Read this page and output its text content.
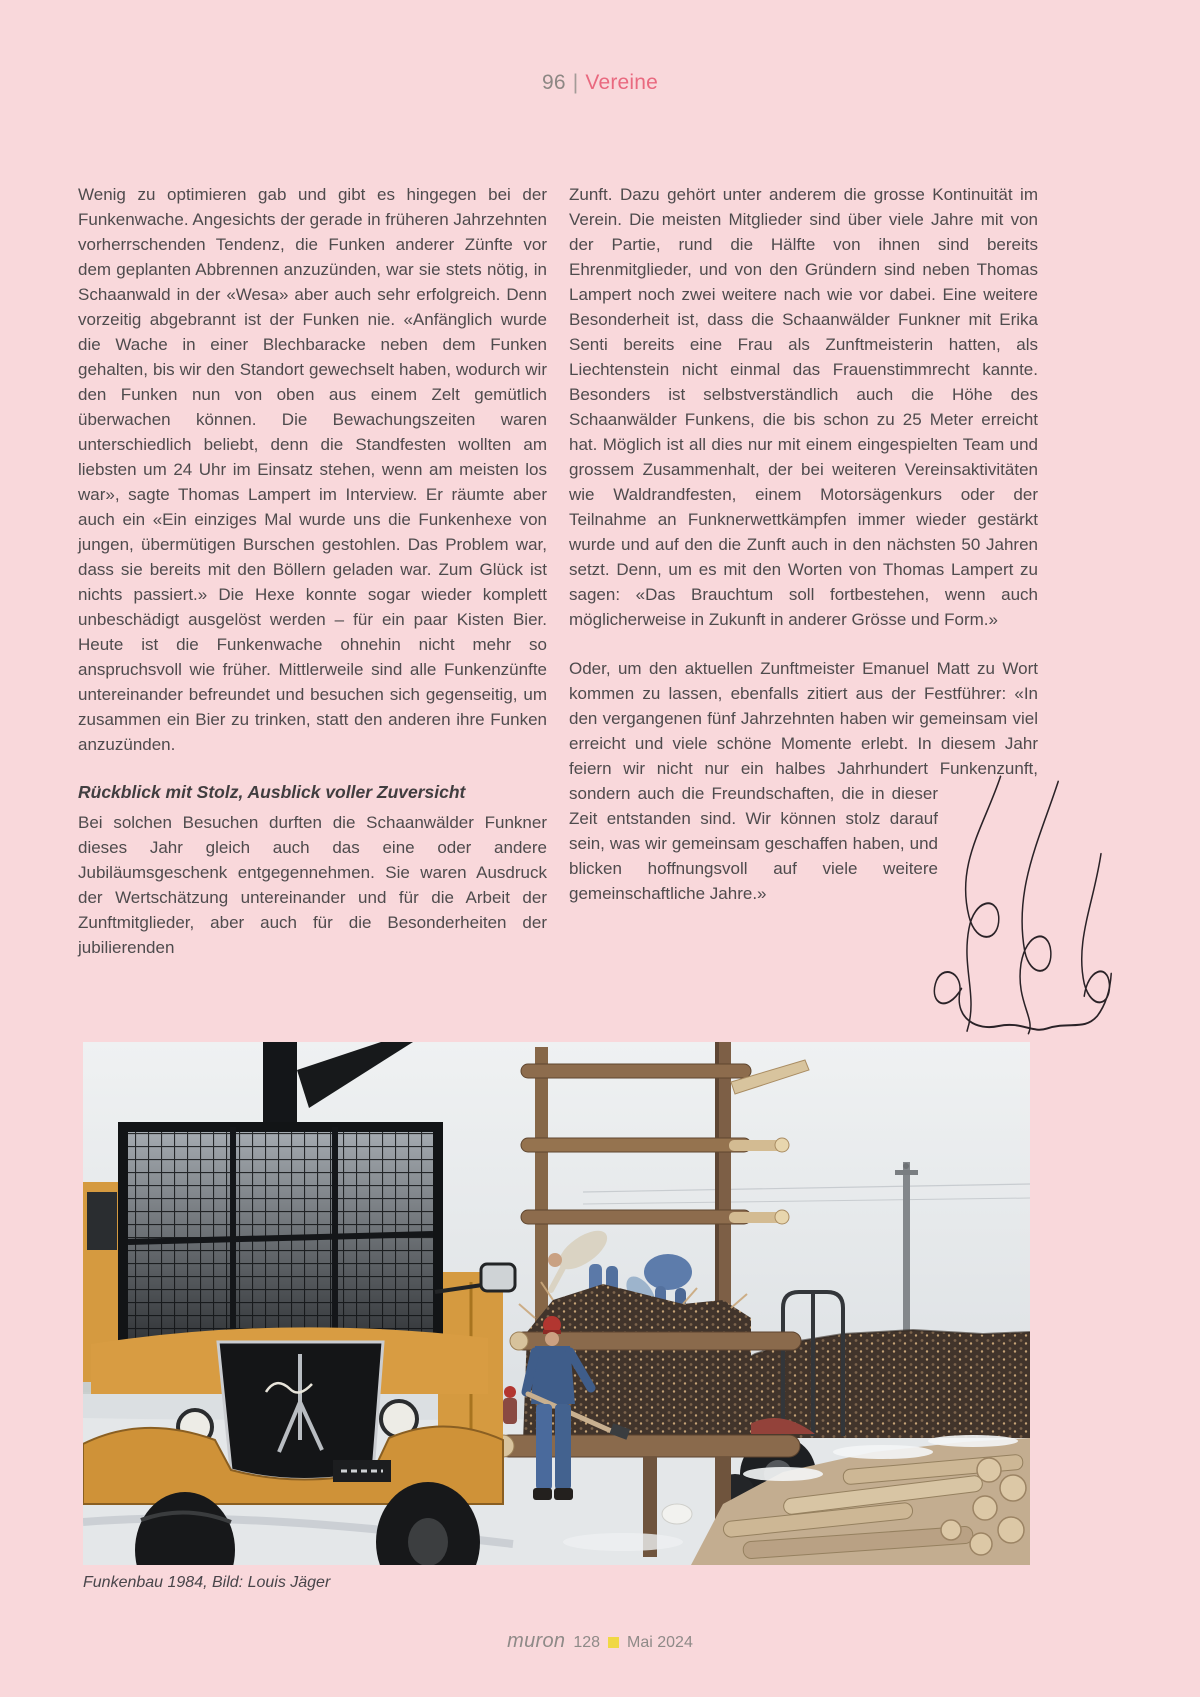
96 | Vereine

Wenig zu optimieren gab und gibt es hingegen bei der Funkenwache. Angesichts der gerade in früheren Jahrzehnten vorherrschenden Tendenz, die Funken anderer Zünfte vor dem geplanten Abbrennen anzuzünden, war sie stets nötig, in Schaanwald in der «Wesa» aber auch sehr erfolgreich. Denn vorzeitig abgebrannt ist der Funken nie. «Anfänglich wurde die Wache in einer Blechbaracke neben dem Funken gehalten, bis wir den Standort gewechselt haben, wodurch wir den Funken nun von oben aus einem Zelt gemütlich überwachen können. Die Bewachungszeiten waren unterschiedlich beliebt, denn die Standfesten wollten am liebsten um 24 Uhr im Einsatz stehen, wenn am meisten los war», sagte Thomas Lampert im Interview. Er räumte aber auch ein «Ein einziges Mal wurde uns die Funkenhexe von jungen, übermütigen Burschen gestohlen. Das Problem war, dass sie bereits mit den Böllern geladen war. Zum Glück ist nichts passiert.» Die Hexe konnte sogar wieder komplett unbeschädigt ausgelöst werden – für ein paar Kisten Bier. Heute ist die Funkenwache ohnehin nicht mehr so anspruchsvoll wie früher. Mittlerweile sind alle Funkenzünfte untereinander befreundet und besuchen sich gegenseitig, um zusammen ein Bier zu trinken, statt den anderen ihre Funken anzuzünden.

Rückblick mit Stolz, Ausblick voller Zuversicht

Bei solchen Besuchen durften die Schaanwälder Funkner dieses Jahr gleich auch das eine oder andere Jubiläumsgeschenk entgegennehmen. Sie waren Ausdruck der Wertschätzung untereinander und für die Arbeit der Zunftmitglieder, aber auch für die Besonderheiten der jubilierenden

Zunft. Dazu gehört unter anderem die grosse Kontinuität im Verein. Die meisten Mitglieder sind über viele Jahre mit von der Partie, rund die Hälfte von ihnen sind bereits Ehrenmitglieder, und von den Gründern sind neben Thomas Lampert noch zwei weitere nach wie vor dabei. Eine weitere Besonderheit ist, dass die Schaanwälder Funkner mit Erika Senti bereits eine Frau als Zunftmeisterin hatten, als Liechtenstein nicht einmal das Frauenstimmrecht kannte. Besonders ist selbstverständlich auch die Höhe des Schaanwälder Funkens, die bis schon zu 25 Meter erreicht hat. Möglich ist all dies nur mit einem eingespielten Team und grossem Zusammenhalt, der bei weiteren Vereinsaktivitäten wie Waldrandfesten, einem Motorsägenkurs oder der Teilnahme an Funknerwettkämpfen immer wieder gestärkt wurde und auf den die Zunft auch in den nächsten 50 Jahren setzt. Denn, um es mit den Worten von Thomas Lampert zu sagen: «Das Brauchtum soll fortbestehen, wenn auch möglicherweise in Zukunft in anderer Grösse und Form.»

Oder, um den aktuellen Zunftmeister Emanuel Matt zu Wort kommen zu lassen, ebenfalls zitiert aus der Festführer: «In den vergangenen fünf Jahrzehnten haben wir gemeinsam viel erreicht und viele schöne Momente erlebt. In diesem Jahr feiern wir nicht nur ein halbes Jahrhundert Funkenzunft, sondern auch die Freundschaften, die in dieser Zeit entstanden sind. Wir können stolz darauf sein, was wir gemeinsam geschaffen haben, und blicken hoffnungsvoll auf viele weitere gemeinschaftliche Jahre.»
Funkenbau 1984, Bild: Louis Jäger
muron 128 Mai 2024
